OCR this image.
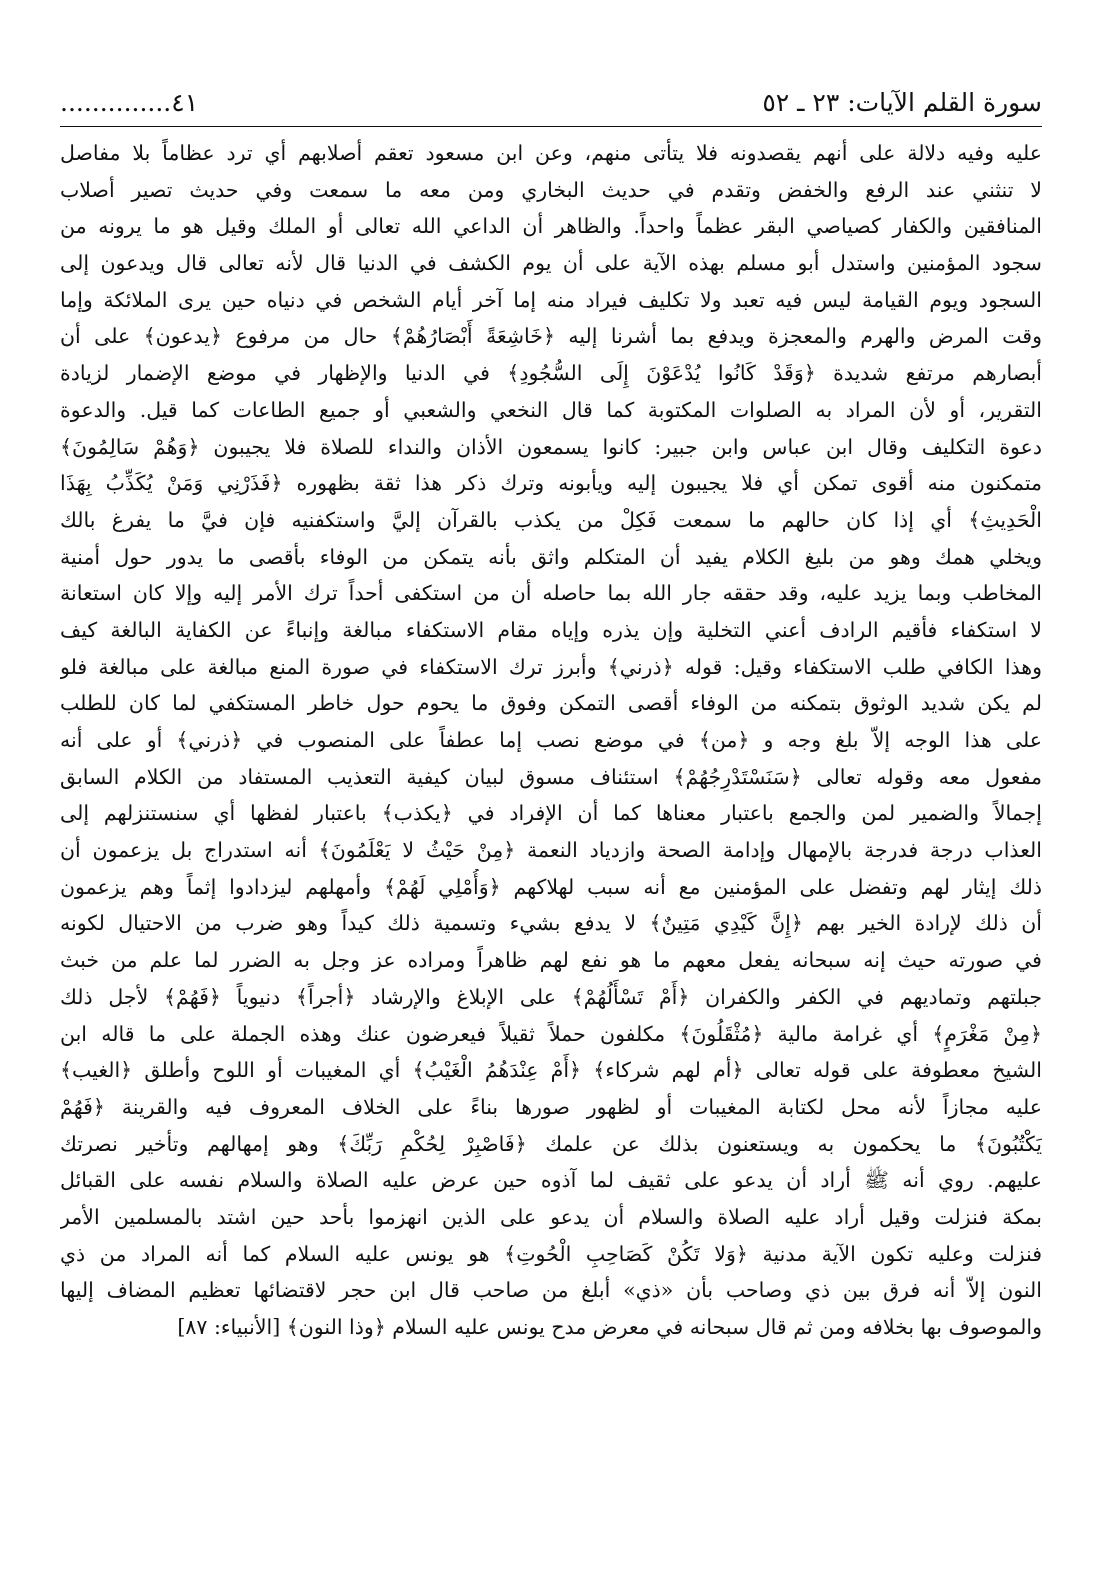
سورة القلم الآيات: ٢٣ ـ ٥٢
٤١..............
عليه وفيه دلالة على أنهم يقصدونه فلا يتأتى منهم، وعن ابن مسعود تعقم أصلابهم أي ترد عظاماً بلا مفاصل
لا تنثني عند الرفع والخفض وتقدم في حديث البخاري ومن معه ما سمعت وفي حديث تصير أصلاب
المنافقين والكفار كصياصي البقر عظماً واحداً. والظاهر أن الداعي الله تعالى أو الملك وقيل هو ما يرونه من
سجود المؤمنين واستدل أبو مسلم بهذه الآية على أن يوم الكشف في الدنيا قال لأنه تعالى قال ويدعون إلى
السجود ويوم القيامة ليس فيه تعبد ولا تكليف فيراد منه إما آخر أيام الشخص في دنياه حين يرى الملائكة وإما
وقت المرض والهرم والمعجزة ويدفع بما أشرنا إليه ﴿خَاشِعَةً أَبْصَارُهُمْ﴾ حال من مرفوع ﴿يدعون﴾ على أن
أبصارهم مرتفع شديدة ﴿وَقَدْ كَانُوا يُدْعَوْنَ إِلَى السُّجُودِ﴾ في الدنيا والإظهار في موضع الإضمار لزيادة
التقرير، أو لأن المراد به الصلوات المكتوبة كما قال النخعي والشعبي أو جميع الطاعات كما قيل. والدعوة
دعوة التكليف وقال ابن عباس وابن جبير: كانوا يسمعون الأذان والنداء للصلاة فلا يجيبون ﴿وَهُمْ سَالِمُونَ﴾
متمكنون منه أقوى تمكن أي فلا يجيبون إليه ويأبونه وترك ذكر هذا ثقة بظهوره ﴿فَذَرْنِي وَمَنْ يُكَذِّبُ بِهَذَا
الْحَدِيثِ﴾ أي إذا كان حالهم ما سمعت فَكِلْ من يكذب بالقرآن إليَّ واستكفنيه فإن فيَّ ما يفرغ بالك
ويخلي همك وهو من بليغ الكلام يفيد أن المتكلم واثق بأنه يتمكن من الوفاء بأقصى ما يدور حول أمنية
المخاطب وبما يزيد عليه، وقد حققه جار الله بما حاصله أن من استكفى أحداً ترك الأمر إليه وإلا كان استعانة
لا استكفاء فأقيم الرادف أعني التخلية وإن يذره وإياه مقام الاستكفاء مبالغة وإنباءً عن الكفاية البالغة كيف
وهذا الكافي طلب الاستكفاء وقيل: قوله ﴿ذرني﴾ وأبرز ترك الاستكفاء في صورة المنع مبالغة على مبالغة فلو
لم يكن شديد الوثوق بتمكنه من الوفاء أقصى التمكن وفوق ما يحوم حول خاطر المستكفي لما كان للطلب
على هذا الوجه إلاّ بلغ وجه و ﴿من﴾ في موضع نصب إما عطفاً على المنصوب في ﴿ذرني﴾ أو على أنه
مفعول معه وقوله تعالى ﴿سَنَسْتَدْرِجُهُمْ﴾ استئناف مسوق لبيان كيفية التعذيب المستفاد من الكلام السابق
إجمالاً والضمير لمن والجمع باعتبار معناها كما أن الإفراد في ﴿يكذب﴾ باعتبار لفظها أي سنستنزلهم إلى
العذاب درجة فدرجة بالإمهال وإدامة الصحة وازدياد النعمة ﴿مِنْ حَيْثُ لا يَعْلَمُونَ﴾ أنه استدراج بل يزعمون أن
ذلك إيثار لهم وتفضل على المؤمنين مع أنه سبب لهلاكهم ﴿وَأُمْلِي لَهُمْ﴾ وأمهلهم ليزدادوا إثماً وهم يزعمون
أن ذلك لإرادة الخير بهم ﴿إِنَّ كَيْدِي مَتِينٌ﴾ لا يدفع بشيء وتسمية ذلك كيداً وهو ضرب من الاحتيال لكونه
في صورته حيث إنه سبحانه يفعل معهم ما هو نفع لهم ظاهراً ومراده عز وجل به الضرر لما علم من خبث
جبلتهم وتماديهم في الكفر والكفران ﴿أَمْ تَسْأَلُهُمْ﴾ على الإبلاغ والإرشاد ﴿أجراً﴾ دنيوياً ﴿فَهُمْ﴾ لأجل ذلك
﴿مِنْ مَغْرَمٍ﴾ أي غرامة مالية ﴿مُثْقَلُونَ﴾ مكلفون حملاً ثقيلاً فيعرضون عنك وهذه الجملة على ما قاله ابن
الشيخ معطوفة على قوله تعالى ﴿أم لهم شركاء﴾ ﴿أَمْ عِنْدَهُمُ الْغَيْبُ﴾ أي المغيبات أو اللوح وأطلق ﴿الغيب﴾
عليه مجازاً لأنه محل لكتابة المغيبات أو لظهور صورها بناءً على الخلاف المعروف فيه والقرينة ﴿فَهُمْ
يَكْتُبُونَ﴾ ما يحكمون به ويستعنون بذلك عن علمك ﴿فَاصْبِرْ لِحُكْمِ رَبِّكَ﴾ وهو إمهالهم وتأخير نصرتك
عليهم. روي أنه ﷺ أراد أن يدعو على ثقيف لما آذوه حين عرض عليه الصلاة والسلام نفسه على القبائل
بمكة فنزلت وقيل أراد عليه الصلاة والسلام أن يدعو على الذين انهزموا بأحد حين اشتد بالمسلمين الأمر
فنزلت وعليه تكون الآية مدنية ﴿وَلا تَكُنْ كَصَاحِبِ الْحُوتِ﴾ هو يونس عليه السلام كما أنه المراد من ذي
النون إلاّ أنه فرق بين ذي وصاحب بأن «ذي» أبلغ من صاحب قال ابن حجر لاقتضائها تعظيم المضاف إليها
والموصوف بها بخلافه ومن ثم قال سبحانه في معرض مدح يونس عليه السلام ﴿وذا النون﴾ [الأنبياء: ٨٧]
